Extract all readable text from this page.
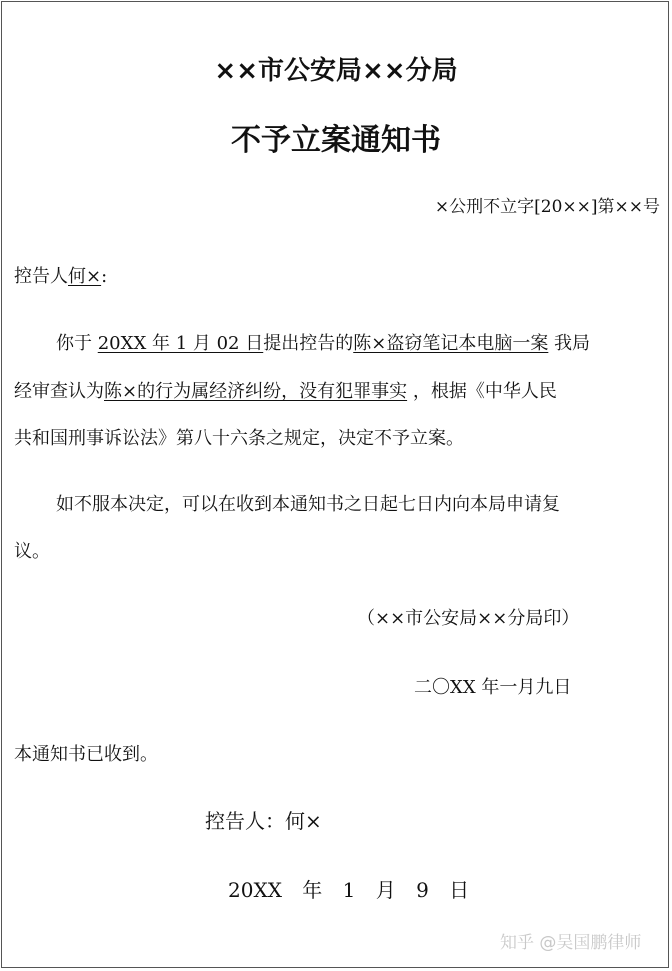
××市公安局××分局
不予立案通知书
×公刑不立字[20××]第××号
控告人何×:
你于 20XX 年 1 月 02 日提出控告的陈×盗窃笔记本电脑一案 我局
经审查认为陈×的行为属经济纠纷，没有犯罪事实 ，根据《中华人民
共和国刑事诉讼法》第八十六条之规定，决定不予立案。
如不服本决定，可以在收到本通知书之日起七日内向本局申请复
议。
（××市公安局××分局印）
二〇XX 年一月九日
本通知书已收到。
控告人：何×
20XX 年 1 月 9 日
知乎 @吴国鹏律师
